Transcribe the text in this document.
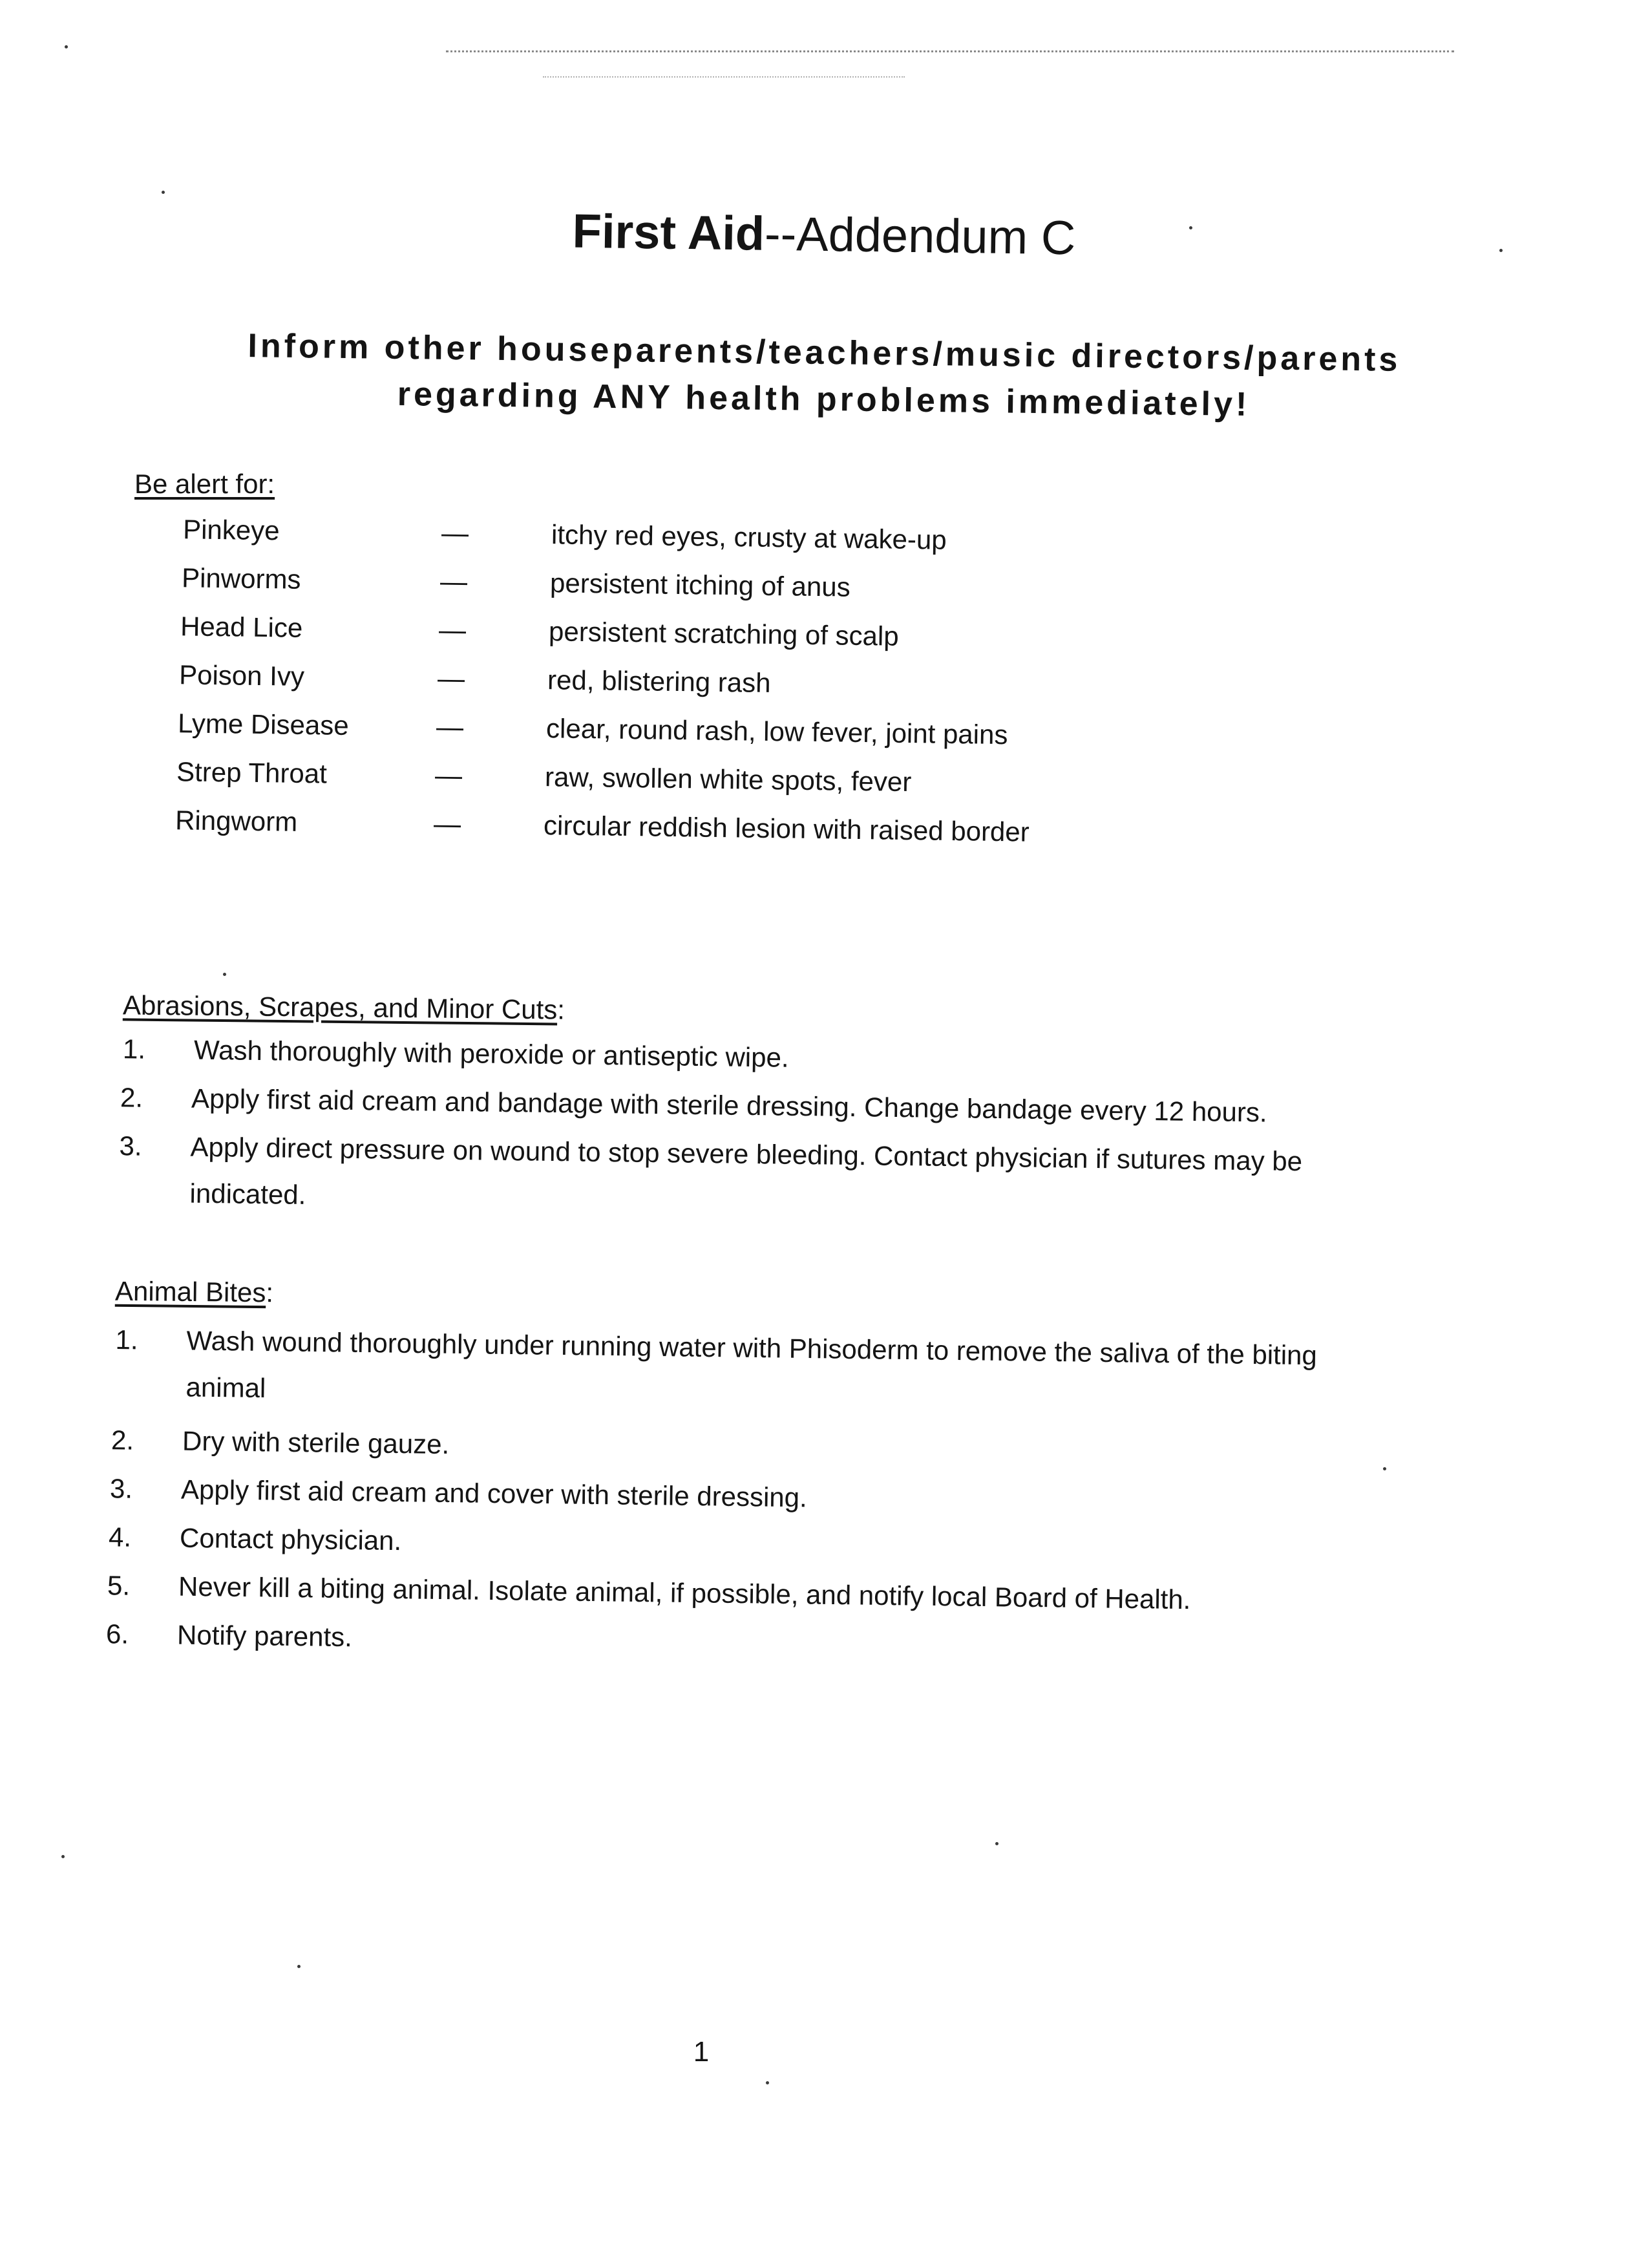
First Aid--Addendum C

Inform other houseparents/teachers/music directors/parents regarding ANY health problems immediately!

Be alert for:
Pinkeye	—	itchy red eyes, crusty at wake-up
Pinworms	—	persistent itching of anus
Head Lice	—	persistent scratching of scalp
Poison Ivy	—	red, blistering rash
Lyme Disease	—	clear, round rash, low fever, joint pains
Strep Throat	—	raw, swollen white spots, fever
Ringworm	—	circular reddish lesion with raised border
Abrasions, Scrapes, and Minor Cuts:
1. Wash thoroughly with peroxide or antiseptic wipe.
2. Apply first aid cream and bandage with sterile dressing. Change bandage every 12 hours.
3. Apply direct pressure on wound to stop severe bleeding. Contact physician if sutures may be indicated.
Animal Bites:
1. Wash wound thoroughly under running water with Phisoderm to remove the saliva of the biting animal
2. Dry with sterile gauze.
3. Apply first aid cream and cover with sterile dressing.
4. Contact physician.
5. Never kill a biting animal. Isolate animal, if possible, and notify local Board of Health.
6. Notify parents.
1
